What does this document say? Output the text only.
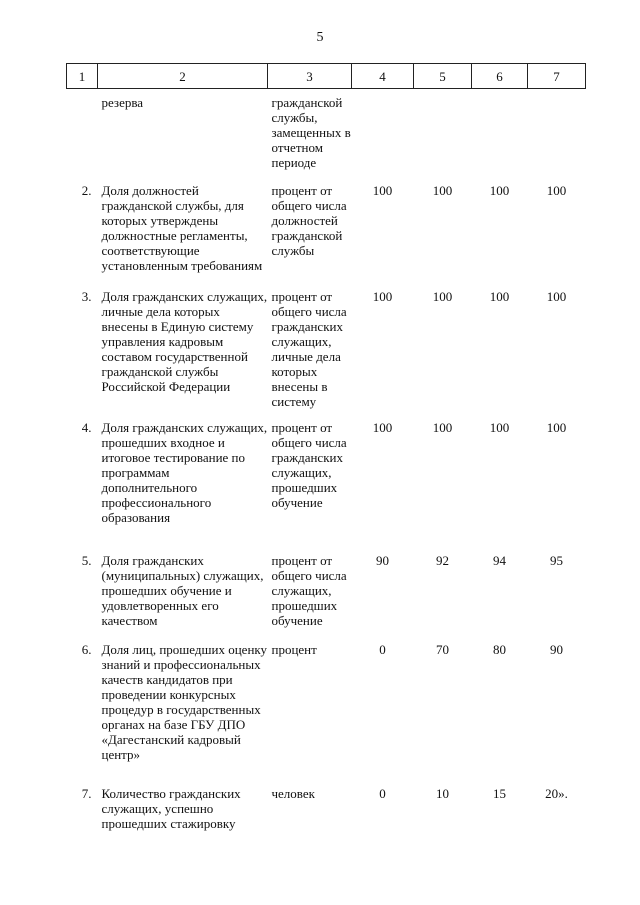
5
1	2	3	4	5	6	7
	резерва	гражданской службы, замещенных в отчетном периоде				
2.	Доля должностей гражданской службы, для которых утверждены должностные регламенты, соответствующие установленным требованиям	процент от общего числа должностей гражданской службы	100	100	100	100
3.	Доля гражданских служащих, личные дела которых внесены в Единую систему управления кадровым составом государственной гражданской службы Российской Федерации	процент от общего числа гражданских служащих, личные дела которых внесены в систему	100	100	100	100
4.	Доля гражданских служащих, прошедших входное и итоговое тестирование по программам дополнительного профессионального образования	процент от общего числа гражданских служащих, прошедших обучение	100	100	100	100
5.	Доля гражданских (муниципальных) служащих, прошедших обучение и удовлетворенных его качеством	процент от общего числа служащих, прошедших обучение	90	92	94	95
6.	Доля лиц, прошедших оценку знаний и профессиональных качеств кандидатов при проведении конкурсных процедур в государственных органах на базе ГБУ ДПО «Дагестанский кадровый центр»	процент	0	70	80	90
7.	Количество гражданских служащих, успешно прошедших стажировку	человек	0	10	15	20».
